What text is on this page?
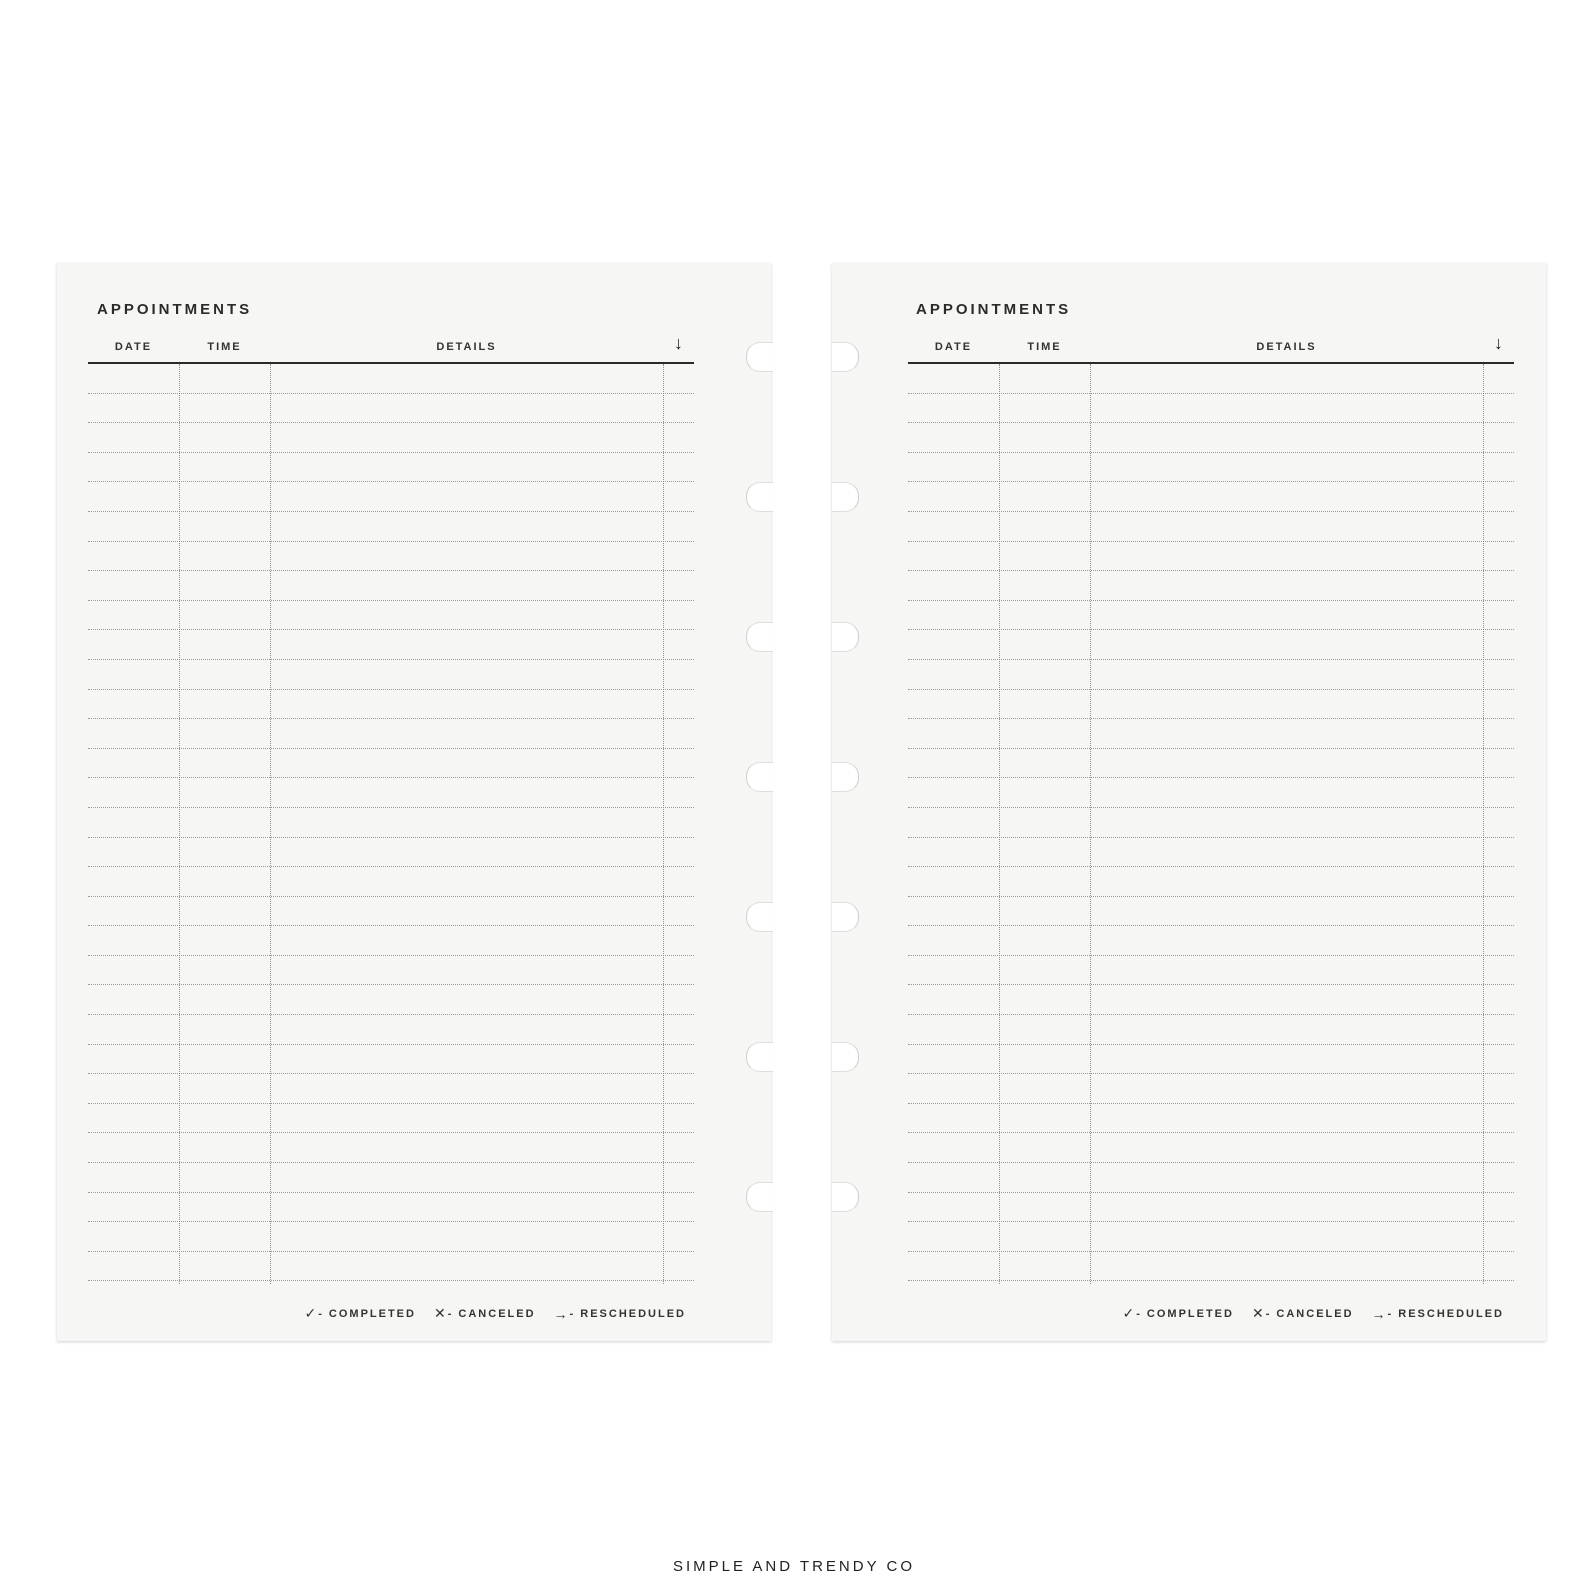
APPOINTMENTS
DATE	TIME	DETAILS	↓
✓ - COMPLETED ✕ - CANCELED → - RESCHEDULED
APPOINTMENTS
DATE	TIME	DETAILS	↓
✓ - COMPLETED ✕ - CANCELED → - RESCHEDULED
SIMPLE AND TRENDY CO
